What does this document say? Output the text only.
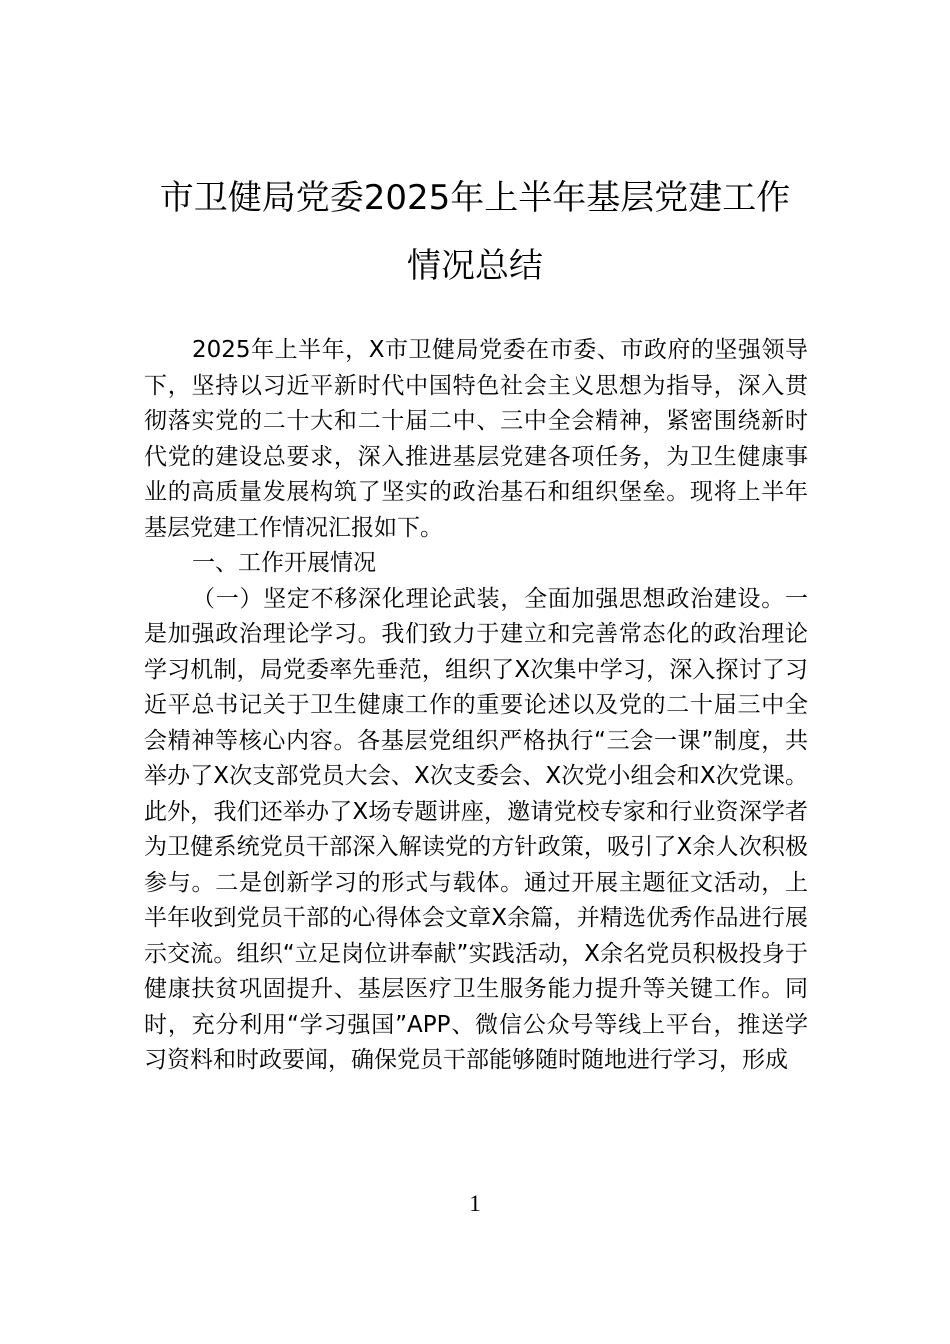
市卫健局党委2025年上半年基层党建工作
情况总结

2025年上半年，X市卫健局党委在市委、市政府的坚强领导下，坚持以习近平新时代中国特色社会主义思想为指导，深入贯彻落实党的二十大和二十届二中、三中全会精神，紧密围绕新时代党的建设总要求，深入推进基层党建各项任务，为卫生健康事业的高质量发展构筑了坚实的政治基石和组织堡垒。现将上半年基层党建工作情况汇报如下。

一、工作开展情况

（一）坚定不移深化理论武装，全面加强思想政治建设。一是加强政治理论学习。我们致力于建立和完善常态化的政治理论学习机制，局党委率先垂范，组织了X次集中学习，深入探讨了习近平总书记关于卫生健康工作的重要论述以及党的二十届三中全会精神等核心内容。各基层党组织严格执行“三会一课”制度，共举办了X次支部党员大会、X次支委会、X次党小组会和X次党课。此外，我们还举办了X场专题讲座，邀请党校专家和行业资深学者为卫健系统党员干部深入解读党的方针政策，吸引了X余人次积极参与。二是创新学习的形式与载体。通过开展主题征文活动，上半年收到党员干部的心得体会文章X余篇，并精选优秀作品进行展示交流。组织“立足岗位讲奉献”实践活动，X余名党员积极投身于健康扶贫巩固提升、基层医疗卫生服务能力提升等关键工作。同时，充分利用“学习强国”APP、微信公众号等线上平台，推送学习资料和时政要闻，确保党员干部能够随时随地进行学习，形成

1
